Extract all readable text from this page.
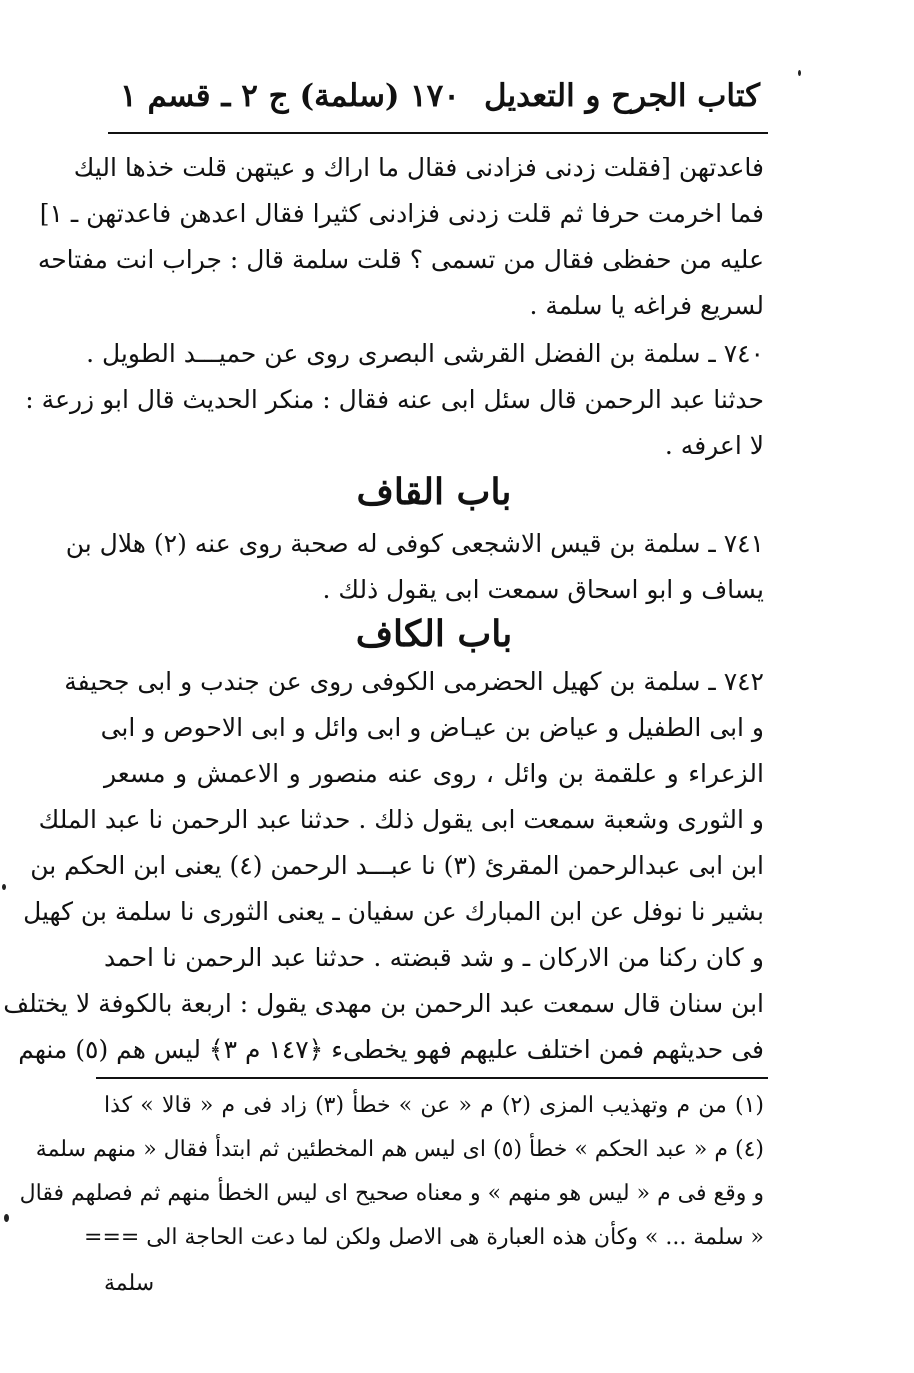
كتاب الجرح و التعديل
١٧٠
(سلمة) ج ٢ ـ قسم ١
فاعدتهن [فقلت زدنى فزادنى فقال ما اراك و عيتهن قلت خذها اليك
فما اخرمت حرفا ثم قلت زدنى فزادنى كثيرا فقال اعدهن فاعدتهن ـ ١]
عليه من حفظى فقال من تسمى ؟ قلت سلمة قال : جراب انت مفتاحه
لسريع فراغه يا سلمة .
٧٤٠ ـ سلمة بن الفضل القرشى البصرى روى عن حميـــد الطويل .
حدثنا عبد الرحمن قال سئل ابى عنه فقال : منكر الحديث قال ابو زرعة :
لا اعرفه .
باب القاف
٧٤١ ـ سلمة بن قيس الاشجعى كوفى له صحبة روى عنه (٢) هلال بن
يساف و ابو اسحاق سمعت ابى يقول ذلك .
باب الكاف
٧٤٢ ـ سلمة بن كهيل الحضرمى الكوفى روى عن جندب و ابى جحيفة
و ابى الطفيل و عياض بن عيـاض و ابى وائل و ابى الاحوص و ابى
الزعراء و علقمة بن وائل ، روى عنه منصور و الاعمش و مسعر
و الثورى وشعبة سمعت ابى يقول ذلك . حدثنا عبد الرحمن نا عبد الملك
ابن ابى عبدالرحمن المقرئ (٣) نا عبـــد الرحمن (٤) يعنى ابن الحكم بن
بشير نا نوفل عن ابن المبارك عن سفيان ـ يعنى الثورى نا سلمة بن كهيل
و كان ركنا من الاركان ـ و شد قبضته . حدثنا عبد الرحمن نا احمد
ابن سنان قال سمعت عبد الرحمن بن مهدى يقول : اربعة بالكوفة لا يختلف
فى حديثهم فمن اختلف عليهم فهو يخطىء ﴿١٤٧ م ٣﴾ ليس هم (٥) منهم
(١) من م وتهذيب المزى (٢) م « عن » خطأ (٣) زاد فى م « قالا » كذا
(٤) م « عبد الحكم » خطأ (٥) اى ليس هم المخطئين ثم ابتدأ فقال « منهم سلمة
و وقع فى م « ليس هو منهم » و معناه صحيح اى ليس الخطأ منهم ثم فصلهم فقال
« سلمة ... » وكأن هذه العبارة هى الاصل ولكن لما دعت الحاجة الى ===
سلمة
